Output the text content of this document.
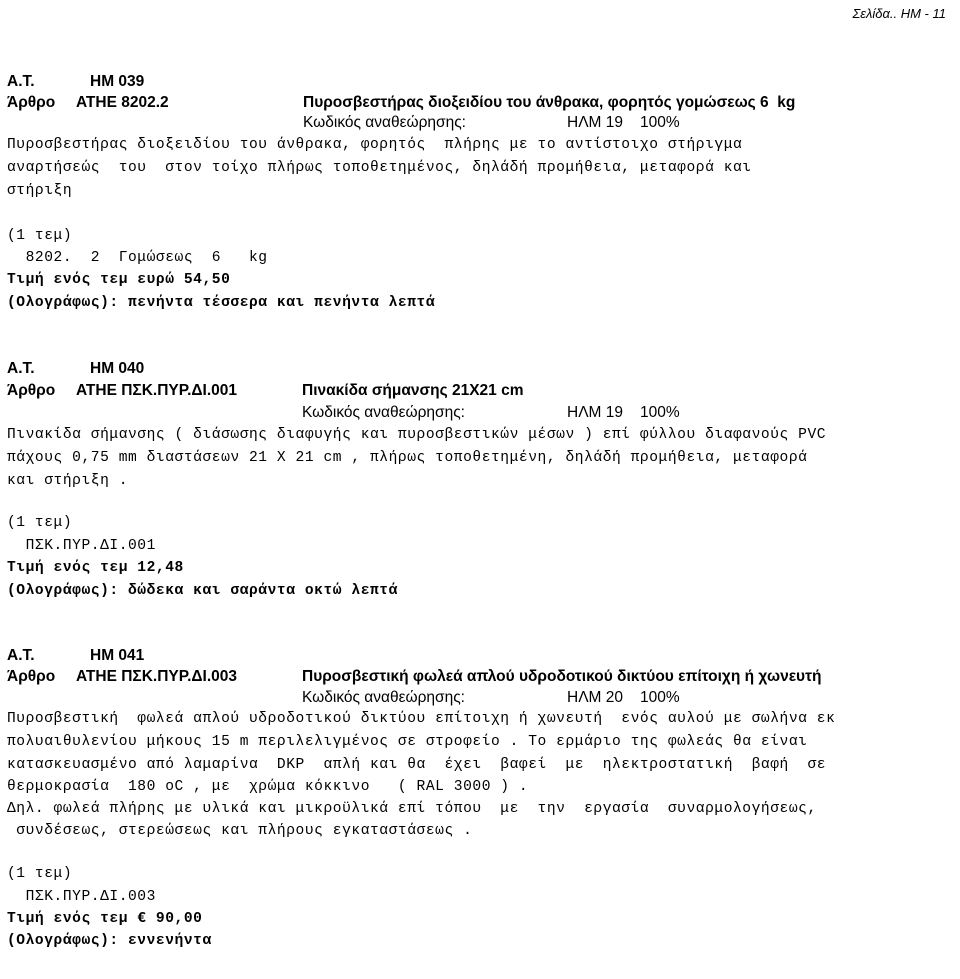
Σελίδα.. ΗΜ - 11
Α.Τ.	ΗΜ 039
Άρθρο ΑΤΗΕ 8202.2	Πυροσβεστήρας διοξειδίου του άνθρακα, φορητός γομώσεως 6  kg
Κωδικός αναθεώρησης:	ΗΛΜ 19 100%
Πυροσβεστήρας διοξειδίου του άνθρακα, φορητός  πλήρης με το αντίστοιχο στήριγμα
αναρτήσεώς  του  στον τοίχο πλήρως τοποθετημένος, δηλάδή προμήθεια, μεταφορά και
στήριξη
(1 τεμ)
8202.  2  Γομώσεως  6   kg
Τιμή ενός τεμ ευρώ 54,50
(Ολογράφως): πενήντα τέσσερα και πενήντα λεπτά
Α.Τ.	ΗΜ 040
Άρθρο ΑΤΗΕ ΠΣΚ.ΠΥΡ.ΔΙ.001	Πινακίδα σήμανσης 21Χ21 cm
Κωδικός αναθεώρησης:	ΗΛΜ 19 100%
Πινακίδα σήμανσης ( διάσωσης διαφυγής και πυροσβεστικών μέσων ) επί φύλλου διαφανούς PVC
πάχους 0,75 mm διαστάσεων 21 Χ 21 cm , πλήρως τοποθετημένη, δηλάδή προμήθεια, μεταφορά
και στήριξη .
(1 τεμ)
ΠΣΚ.ΠΥΡ.ΔΙ.001
Τιμή ενός τεμ 12,48
(Ολογράφως): δώδεκα και σαράντα οκτώ λεπτά
Α.Τ.	ΗΜ 041
Άρθρο ΑΤΗΕ ΠΣΚ.ΠΥΡ.ΔΙ.003	Πυροσβεστική φωλεά απλού υδροδοτικού δικτύου επίτοιχη ή χωνευτή
Κωδικός αναθεώρησης:	ΗΛΜ 20 100%
Πυροσβεστική  φωλεά απλού υδροδοτικού δικτύου επίτοιχη ή χωνευτή  ενός αυλού με σωλήνα εκ
πολυαιθυλενίου μήκους 15 m περιλελιγμένος σε στροφείο . Το ερμάριο της φωλεάς θα είναι
κατασκευασμένο από λαμαρίνα  DKP  απλή και θα  έχει  βαφεί  με  ηλεκτροστατική  βαφή  σε
θερμοκρασία  180 oC , με  χρώμα κόκκινο   ( RAL 3000 ) .
Δηλ. φωλεά πλήρης με υλικά και μικροϋλικά επί τόπου  με  την  εργασία  συναρμολογήσεως,
συνδέσεως, στερεώσεως και πλήρους εγκαταστάσεως .
(1 τεμ)
ΠΣΚ.ΠΥΡ.ΔΙ.003
Τιμή ενός τεμ € 90,00
(Ολογράφως): εννενήντα
